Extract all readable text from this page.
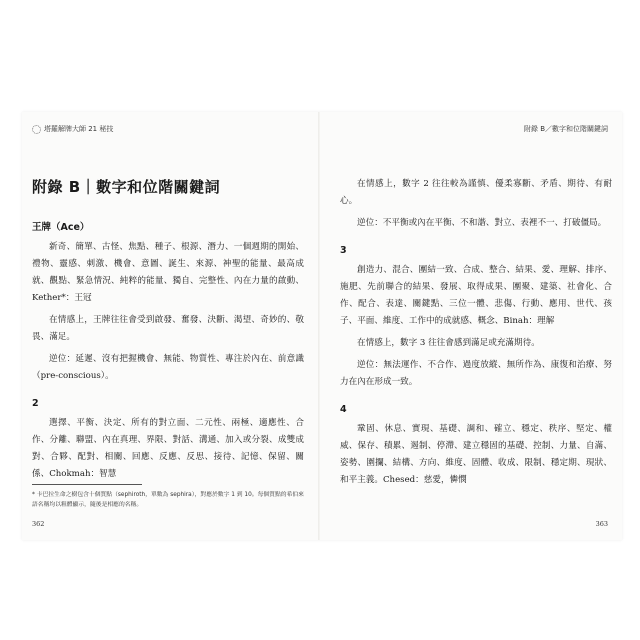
塔羅解牌大師 21 秘技	附錄 B／數字和位階關鍵詞
附錄 B｜數字和位階關鍵詞
王牌（Ace）

新奇、簡單、古怪、焦點、種子、根源、潛力、一個週期的開始、禮物、靈感、刺激、機會、意圖、誕生、來源、神聖的能量、最高成就、觀點、緊急情況、純粹的能量、獨自、完整性、內在力量的啟動、Kether*：王冠

在情感上，王牌往往會受到啟發、奮發、決斷、渴望、奇妙的、敬畏、滿足。

逆位：延遲、沒有把握機會、無能、物質性、專注於內在、前意識（pre-conscious）。

2

選擇、平衡、決定、所有的對立面、二元性、兩極、適應性、合作、分離、聯盟、內在真理、界限、對話、溝通、加入或分裂、成雙成對、合夥、配對、相關、回應、反應、反思、接待、記憶、保留、關係、Chokmah：智慧

* 卡巴拉生命之樹包含十個質點（sephiroth，單數為 sephira），對應於數字 1 到 10。每個質點的希伯來語名稱均以粗體顯示，隨後是相應的名稱。
362

在情感上，數字 2 往往較為謹慎、優柔寡斷、矛盾、期待、有耐心。

逆位：不平衡或內在平衡、不和諧、對立、表裡不一、打破僵局。

3

創造力、混合、團結一致、合成、整合、結果、愛、理解、排序、施肥、先前聯合的結果、發展、取得成果、團聚、建築、社會化、合作、配合、表達、關鍵點、三位一體、悲傷、行動、應用、世代、孩子、平面、維度、工作中的成就感、概念、Binah：理解

在情感上，數字 3 往往會感到滿足或充滿期待。

逆位：無法運作、不合作、過度放縱、無所作為、康復和治療、努力在內在形成一致。

4

鞏固、休息、實現、基礎、調和、確立、穩定、秩序、堅定、權威、保存、積累、遏制、停滯、建立穩固的基礎、控制、力量、自滿、姿勢、圍攔、結構、方向、維度、固體、收成、限制、穩定期、現狀、和平主義。Chesed：慈愛，憐憫

363
